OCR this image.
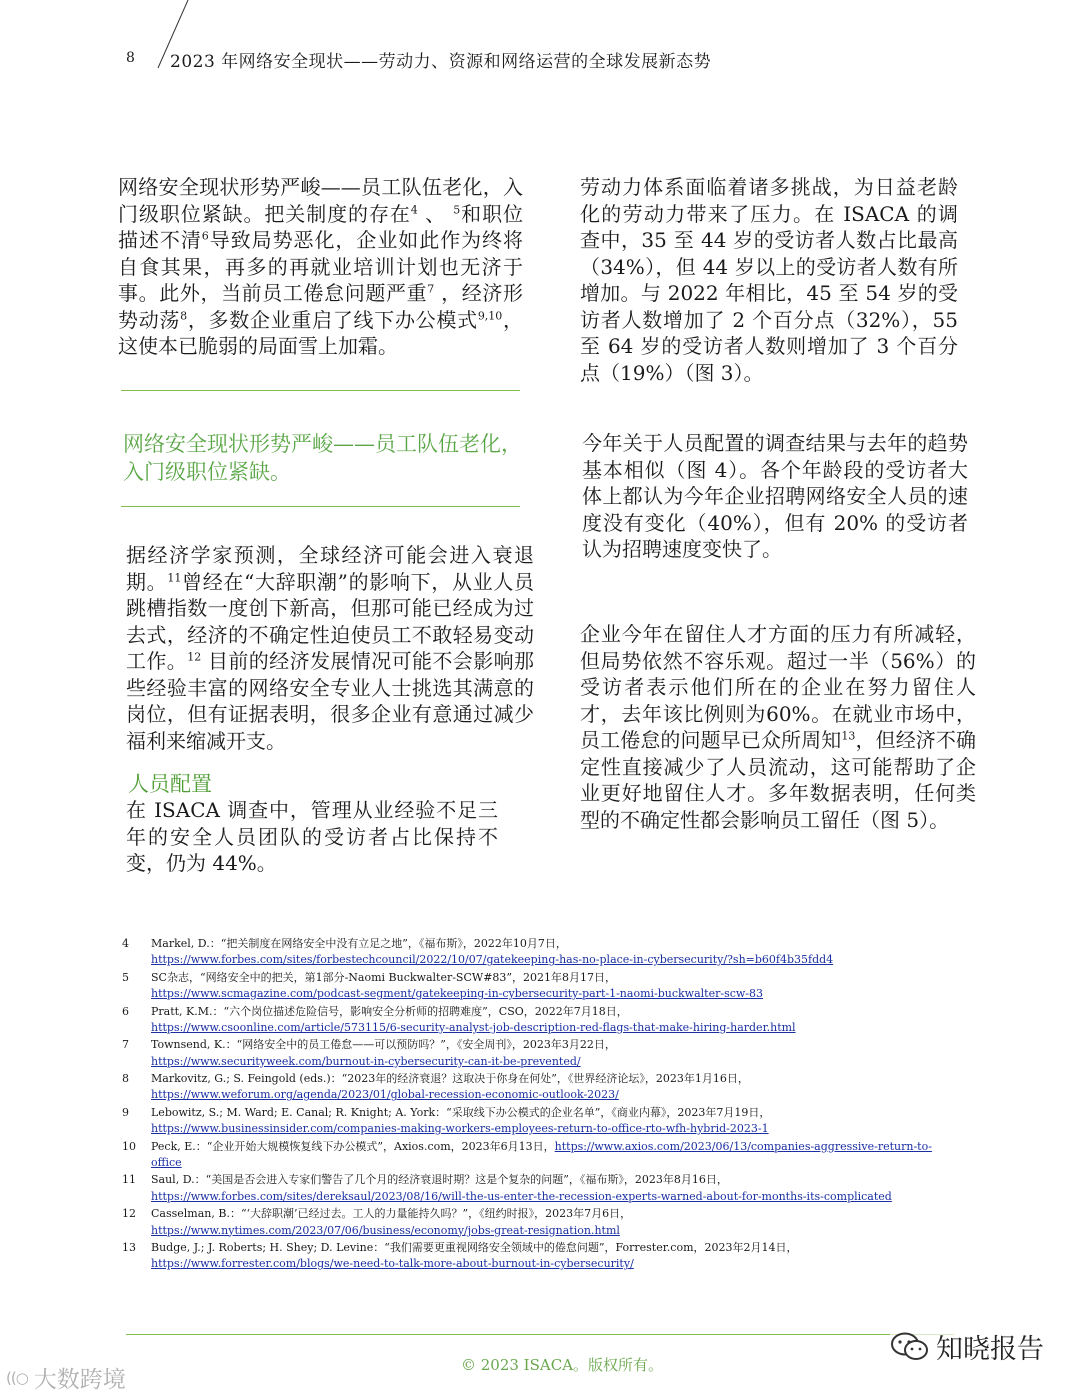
8 2023 年网络安全现状——劳动力、资源和网络运营的全球发展新态势
网络安全现状形势严峻——员工队伍老化，入门级职位紧缺。把关制度的存在$^4$ 、 $^5$和职位描述不清$^6$导致局势恶化，企业如此作为终将自食其果，再多的再就业培训计划也无济于事。此外，当前员工倦怠问题严重$^7$ ，经济形势动荡$^8$，多数企业重启了线下办公模式$^{9,10}$，这使本已脆弱的局面雪上加霜。
网络安全现状形势严峻——员工队伍老化，入门级职位紧缺。
据经济学家预测，全球经济可能会进入衰退期。$^{11}$曾经在“大辞职潮”的影响下，从业人员跳槽指数一度创下新高，但那可能已经成为过去式，经济的不确定性迫使员工不敢轻易变动工作。$^{12}$ 目前的经济发展情况可能不会影响那些经验丰富的网络安全专业人士挑选其满意的岗位，但有证据表明，很多企业有意通过减少福利来缩减开支。
人员配置
在 ISACA 调查中，管理从业经验不足三年的安全人员团队的受访者占比保持不变，仍为 44%。
劳动力体系面临着诸多挑战，为日益老龄化的劳动力带来了压力。在 ISACA 的调查中，35 至 44 岁的受访者人数占比最高（34%），但 44 岁以上的受访者人数有所增加。与 2022 年相比，45 至 54 岁的受访者人数增加了 2 个百分点（32%），55 至 64 岁的受访者人数则增加了 3 个百分点（19%）（图 3）。
今年关于人员配置的调查结果与去年的趋势基本相似（图 4）。各个年龄段的受访者大体上都认为今年企业招聘网络安全人员的速度没有变化（40%），但有 20% 的受访者认为招聘速度变快了。
企业今年在留住人才方面的压力有所减轻，但局势依然不容乐观。超过一半（56%）的受访者表示他们所在的企业在努力留住人才，去年该比例则为60%。在就业市场中，员工倦怠的问题早已众所周知$^{13}$，但经济不确定性直接减少了人员流动，这可能帮助了企业更好地留住人才。多年数据表明，任何类型的不确定性都会影响员工留任（图 5）。
4	Markel, D.：“把关制度在网络安全中没有立足之地”，《福布斯》，2022年10月7日，
https://www.forbes.com/sites/forbestechcouncil/2022/10/07/gatekeeping-has-no-place-in-cybersecurity/?sh=b60f4b35fdd4
5	SC杂志，“网络安全中的把关，第1部分-Naomi Buckwalter-SCW#83”，2021年8月17日，
https://www.scmagazine.com/podcast-segment/gatekeeping-in-cybersecurity-part-1-naomi-buckwalter-scw-83
6	Pratt, K.M.：“六个岗位描述危险信号，影响安全分析师的招聘难度”，CSO，2022年7月18日，
https://www.csoonline.com/article/573115/6-security-analyst-job-description-red-flags-that-make-hiring-harder.html
7	Townsend, K.：“网络安全中的员工倦怠——可以预防吗？”，《安全周刊》，2023年3月22日，
https://www.securityweek.com/burnout-in-cybersecurity-can-it-be-prevented/
8	Markovitz, G.; S. Feingold (eds.)：“2023年的经济衰退？这取决于你身在何处”，《世界经济论坛》，2023年1月16日，
https://www.weforum.org/agenda/2023/01/global-recession-economic-outlook-2023/
9	Lebowitz, S.; M. Ward; E. Canal; R. Knight; A. York：“采取线下办公模式的企业名单”，《商业内幕》，2023年7月19日，
https://www.businessinsider.com/companies-making-workers-employees-return-to-office-rto-wfh-hybrid-2023-1
10	Peck, E.：“企业开始大规模恢复线下办公模式”，Axios.com，2023年6月13日，https://www.axios.com/2023/06/13/companies-aggressive-return-to-office
11	Saul, D.：“美国是否会进入专家们警告了几个月的经济衰退时期？这是个复杂的问题”，《福布斯》，2023年8月16日，
https://www.forbes.com/sites/dereksaul/2023/08/16/will-the-us-enter-the-recession-experts-warned-about-for-months-its-complicated
12	Casselman, B.：“‘大辞职潮’已经过去。工人的力量能持久吗？”，《纽约时报》，2023年7月6日，
https://www.nytimes.com/2023/07/06/business/economy/jobs-great-resignation.html
13	Budge, J.; J. Roberts; H. Shey; D. Levine：“我们需要更重视网络安全领域中的倦怠问题”，Forrester.com，2023年2月14日，
https://www.forrester.com/blogs/we-need-to-talk-more-about-burnout-in-cybersecurity/
© 2023 ISACA。版权所有。
((○ 大数跨境
知晓报告
